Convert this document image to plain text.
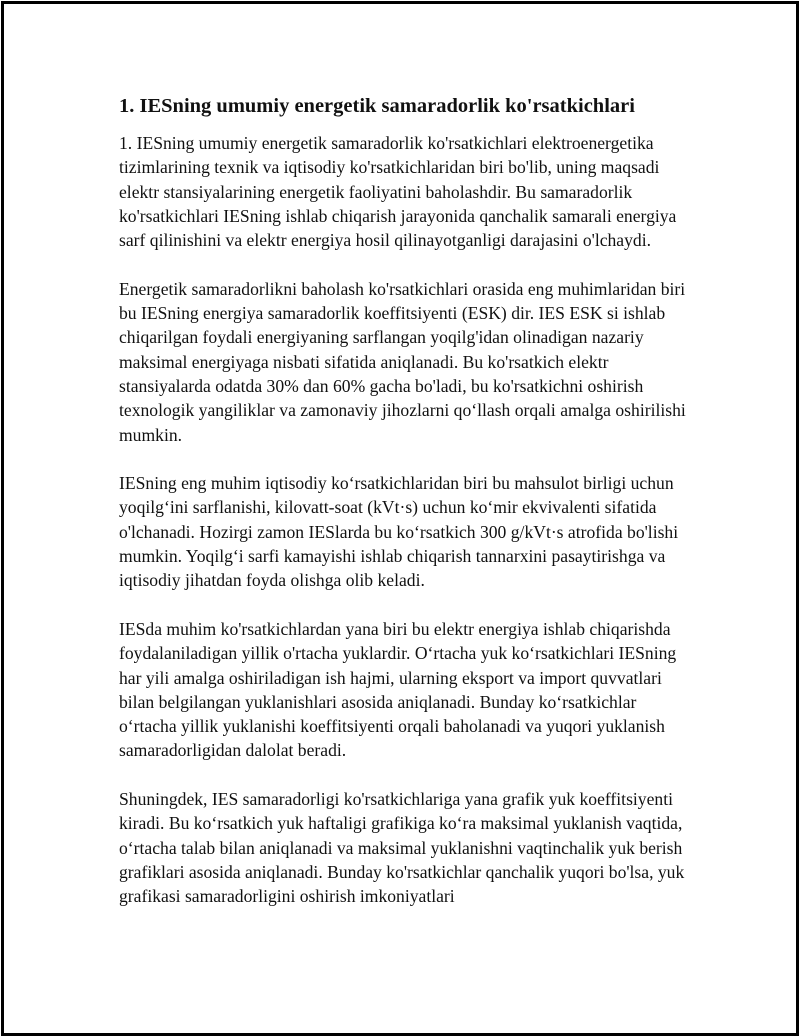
1. IESning umumiy energetik samaradorlik ko'rsatkichlari

1. IESning umumiy energetik samaradorlik ko'rsatkichlari elektroenergetika tizimlarining texnik va iqtisodiy ko'rsatkichlaridan biri bo'lib, uning maqsadi elektr stansiyalarining energetik faoliyatini baholashdir. Bu samaradorlik ko'rsatkichlari IESning ishlab chiqarish jarayonida qanchalik samarali energiya sarf qilinishini va elektr energiya hosil qilinayotganligi darajasini o'lchaydi.

Energetik samaradorlikni baholash ko'rsatkichlari orasida eng muhimlaridan biri bu IESning energiya samaradorlik koeffitsiyenti (ESK) dir. IES ESK si ishlab chiqarilgan foydali energiyaning sarflangan yoqilg'idan olinadigan nazariy maksimal energiyaga nisbati sifatida aniqlanadi. Bu ko'rsatkich elektr stansiyalarda odatda 30% dan 60% gacha bo'ladi, bu ko'rsatkichni oshirish texnologik yangiliklar va zamonaviy jihozlarni qo‘llash orqali amalga oshirilishi mumkin.

IESning eng muhim iqtisodiy ko‘rsatkichlaridan biri bu mahsulot birligi uchun yoqilg‘ini sarflanishi, kilovatt-soat (kVt·s) uchun ko‘mir ekvivalenti sifatida o'lchanadi. Hozirgi zamon IESlarda bu ko‘rsatkich 300 g/kVt·s atrofida bo'lishi mumkin. Yoqilg‘i sarfi kamayishi ishlab chiqarish tannarxini pasaytirishga va iqtisodiy jihatdan foyda olishga olib keladi.

IESda muhim ko'rsatkichlardan yana biri bu elektr energiya ishlab chiqarishda foydalaniladigan yillik o'rtacha yuklardir. O‘rtacha yuk ko‘rsatkichlari IESning har yili amalga oshiriladigan ish hajmi, ularning eksport va import quvvatlari bilan belgilangan yuklanishlari asosida aniqlanadi. Bunday ko‘rsatkichlar o‘rtacha yillik yuklanishi koeffitsiyenti orqali baholanadi va yuqori yuklanish samaradorligidan dalolat beradi.

Shuningdek, IES samaradorligi ko'rsatkichlariga yana grafik yuk koeffitsiyenti kiradi. Bu ko‘rsatkich yuk haftaligi grafikiga ko‘ra maksimal yuklanish vaqtida, o‘rtacha talab bilan aniqlanadi va maksimal yuklanishni vaqtinchalik yuk berish grafiklari asosida aniqlanadi. Bunday ko'rsatkichlar qanchalik yuqori bo'lsa, yuk grafikasi samaradorligini oshirish imkoniyatlari
